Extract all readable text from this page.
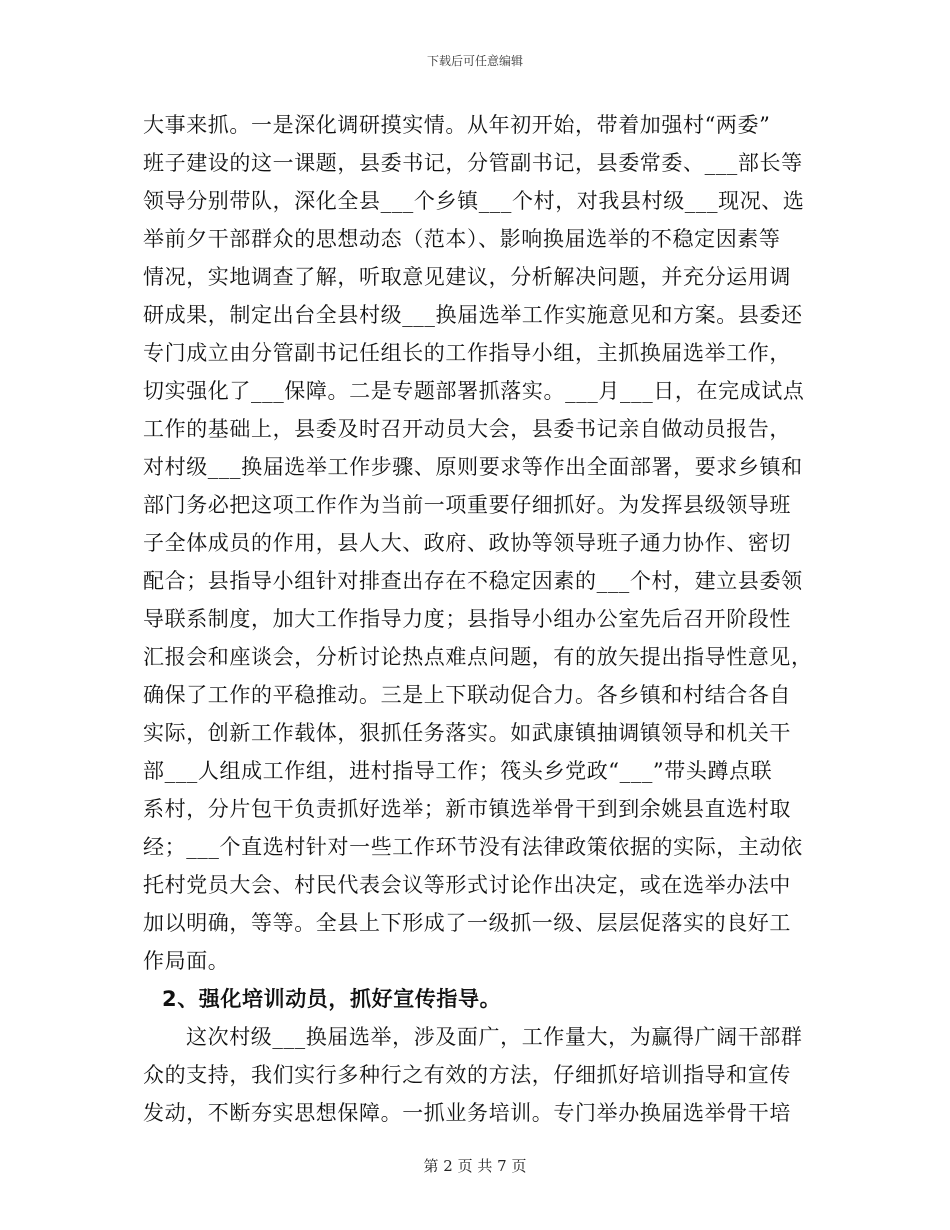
下载后可任意编辑
大事来抓。一是深化调研摸实情。从年初开始，带着加强村“两委”
班子建设的这一课题，县委书记，分管副书记，县委常委、___部长等
领导分别带队，深化全县___个乡镇___个村，对我县村级___现况、选
举前夕干部群众的思想动态（范本）、影响换届选举的不稳定因素等
情况，实地调查了解，听取意见建议，分析解决问题，并充分运用调
研成果，制定出台全县村级___换届选举工作实施意见和方案。县委还
专门成立由分管副书记任组长的工作指导小组，主抓换届选举工作，
切实强化了___保障。二是专题部署抓落实。___月___日，在完成试点
工作的基础上，县委及时召开动员大会，县委书记亲自做动员报告，
对村级___换届选举工作步骤、原则要求等作出全面部署，要求乡镇和
部门务必把这项工作作为当前一项重要仔细抓好。为发挥县级领导班
子全体成员的作用，县人大、政府、政协等领导班子通力协作、密切
配合；县指导小组针对排查出存在不稳定因素的___个村，建立县委领
导联系制度，加大工作指导力度；县指导小组办公室先后召开阶段性
汇报会和座谈会，分析讨论热点难点问题，有的放矢提出指导性意见，
确保了工作的平稳推动。三是上下联动促合力。各乡镇和村结合各自
实际，创新工作载体，狠抓任务落实。如武康镇抽调镇领导和机关干
部___人组成工作组，进村指导工作；筏头乡党政“___”带头蹲点联
系村，分片包干负责抓好选举；新市镇选举骨干到到余姚县直选村取
经；___个直选村针对一些工作环节没有法律政策依据的实际，主动依
托村党员大会、村民代表会议等形式讨论作出决定，或在选举办法中
加以明确，等等。全县上下形成了一级抓一级、层层促落实的良好工
作局面。
2、强化培训动员，抓好宣传指导。
这次村级___换届选举，涉及面广，工作量大，为赢得广阔干部群
众的支持，我们实行多种行之有效的方法，仔细抓好培训指导和宣传
发动，不断夯实思想保障。一抓业务培训。专门举办换届选举骨干培
第 2 页 共 7 页
